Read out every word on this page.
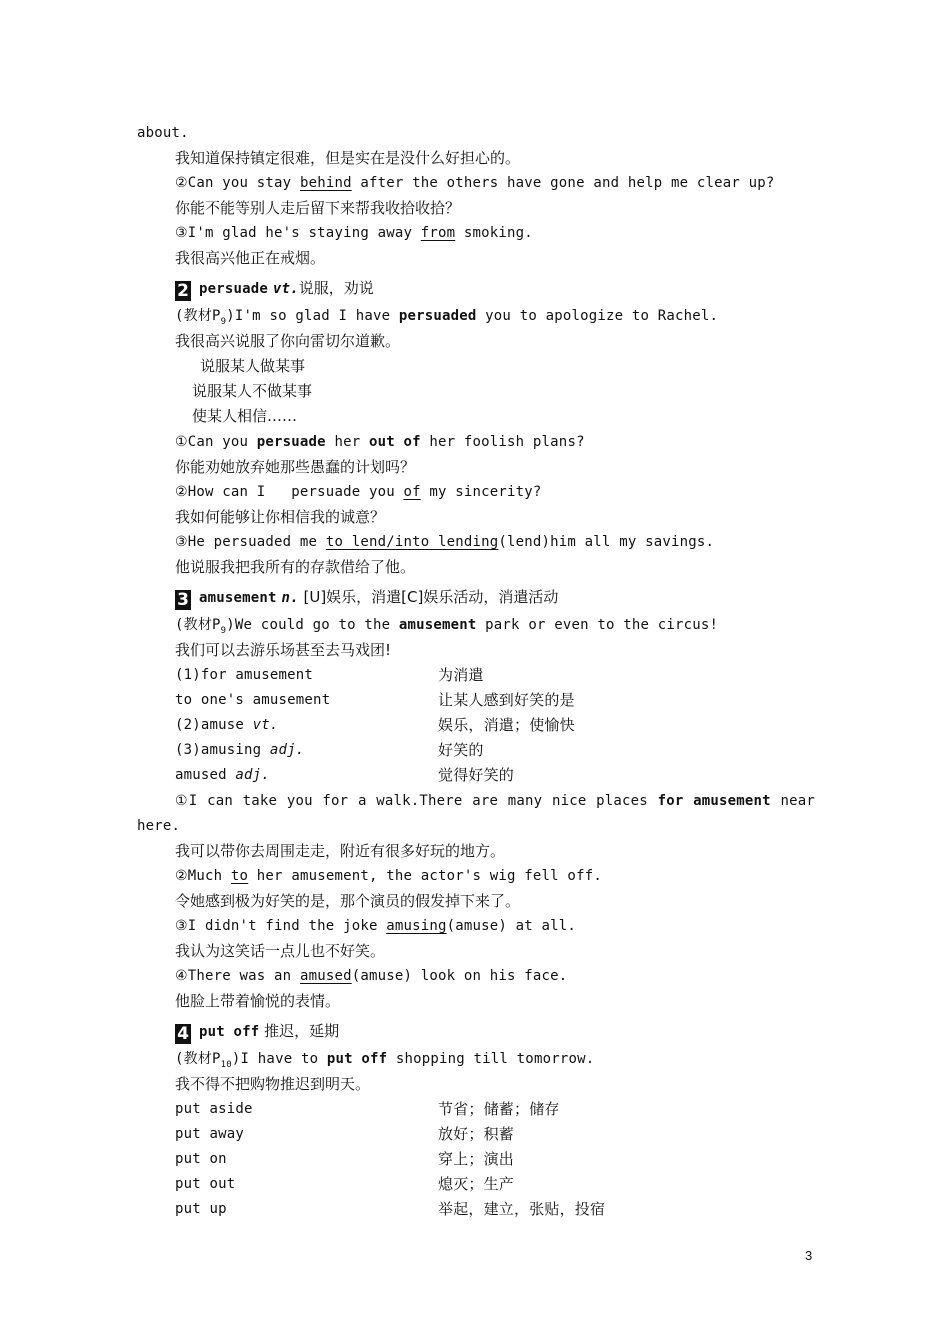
about.
我知道保持镇定很难，但是实在是没什么好担心的。
②Can you stay behind after the others have gone and help me clear up?
你能不能等别人走后留下来帮我收拾收拾？
③I'm glad he's staying away from smoking.
我很高兴他正在戒烟。
2 persuade vt.说服，劝说
(教材$P_9)I'm$ so glad I have persuaded you to apologize to Rachel.
我很高兴说服了你向雷切尔道歉。
说服某人做某事
说服某人不做某事
使某人相信……
①Can you persuade her out of her foolish plans?
你能劝她放弃她那些愚蠢的计划吗？
②How can I   persuade you of my sincerity?
我如何能够让你相信我的诚意？
③He persuaded me to lend/into lending(lend)him all my savings.
他说服我把我所有的存款借给了他。
3 amusement n. [U]娱乐，消遣[C]娱乐活动，消遣活动
(教材$P_9)We$ could go to the amusement park or even to the circus!
我们可以去游乐场甚至去马戏团!
(1)for amusement	为消遣
to one's amusement	让某人感到好笑的是
(2)amuse vt.	娱乐，消遣；使愉快
(3)amusing adj.	好笑的
amused adj.	觉得好笑的
①I can take you for a walk.There are many nice places for amusement near
here.
我可以带你去周围走走，附近有很多好玩的地方。
②Much to her amusement, the actor's wig fell off.
令她感到极为好笑的是，那个演员的假发掉下来了。
③I didn't find the joke amusing(amuse) at all.
我认为这笑话一点儿也不好笑。
④There was an amused(amuse) look on his face.
他脸上带着愉悦的表情。
4 put off 推迟，延期
(教材$P_{10})I$ have to put off shopping till tomorrow.
我不得不把购物推迟到明天。
put aside	节省；储蓄；储存
put away	放好；积蓄
put on	穿上；演出
put out	熄灭；生产
put up	举起，建立，张贴，投宿
3
